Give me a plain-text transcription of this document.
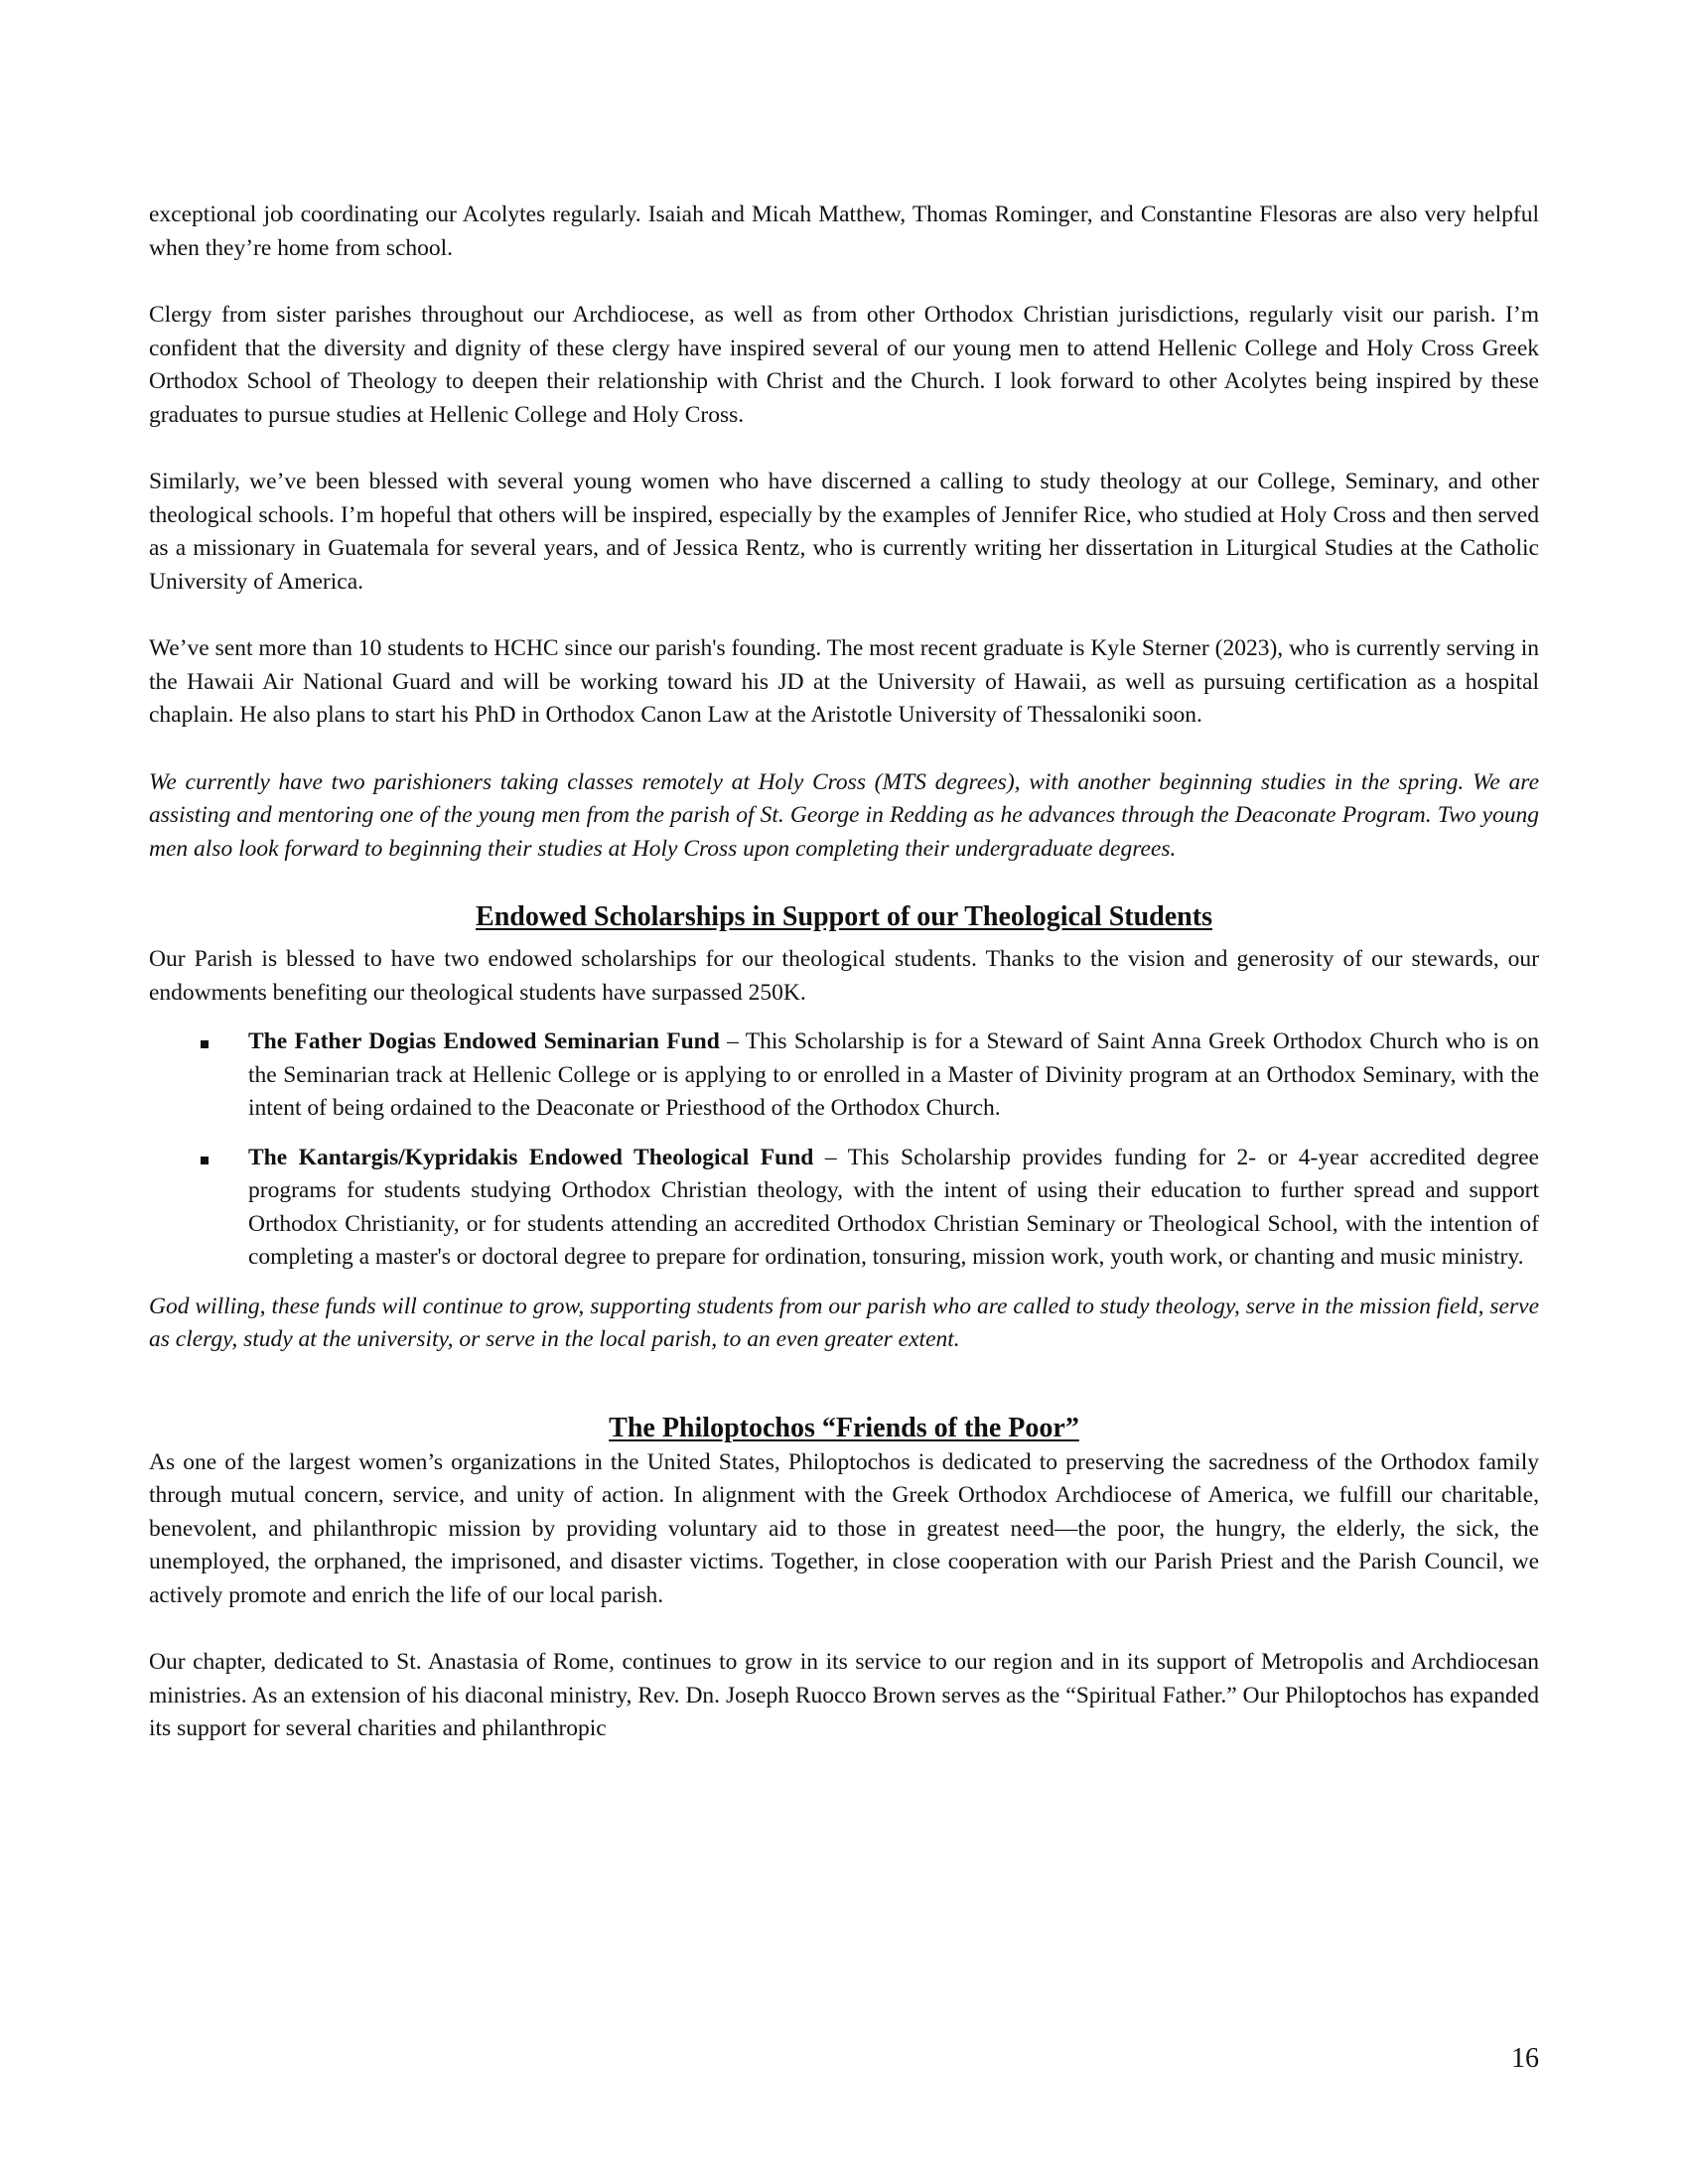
exceptional job coordinating our Acolytes regularly. Isaiah and Micah Matthew, Thomas Rominger, and Constantine Flesoras are also very helpful when they’re home from school.

Clergy from sister parishes throughout our Archdiocese, as well as from other Orthodox Christian jurisdictions, regularly visit our parish. I’m confident that the diversity and dignity of these clergy have inspired several of our young men to attend Hellenic College and Holy Cross Greek Orthodox School of Theology to deepen their relationship with Christ and the Church. I look forward to other Acolytes being inspired by these graduates to pursue studies at Hellenic College and Holy Cross.

Similarly, we’ve been blessed with several young women who have discerned a calling to study theology at our College, Seminary, and other theological schools. I’m hopeful that others will be inspired, especially by the examples of Jennifer Rice, who studied at Holy Cross and then served as a missionary in Guatemala for several years, and of Jessica Rentz, who is currently writing her dissertation in Liturgical Studies at the Catholic University of America.

We’ve sent more than 10 students to HCHC since our parish's founding. The most recent graduate is Kyle Sterner (2023), who is currently serving in the Hawaii Air National Guard and will be working toward his JD at the University of Hawaii, as well as pursuing certification as a hospital chaplain. He also plans to start his PhD in Orthodox Canon Law at the Aristotle University of Thessaloniki soon.

We currently have two parishioners taking classes remotely at Holy Cross (MTS degrees), with another beginning studies in the spring. We are assisting and mentoring one of the young men from the parish of St. George in Redding as he advances through the Deaconate Program. Two young men also look forward to beginning their studies at Holy Cross upon completing their undergraduate degrees.

Endowed Scholarships in Support of our Theological Students

Our Parish is blessed to have two endowed scholarships for our theological students. Thanks to the vision and generosity of our stewards, our endowments benefiting our theological students have surpassed 250K.

The Father Dogias Endowed Seminarian Fund – This Scholarship is for a Steward of Saint Anna Greek Orthodox Church who is on the Seminarian track at Hellenic College or is applying to or enrolled in a Master of Divinity program at an Orthodox Seminary, with the intent of being ordained to the Deaconate or Priesthood of the Orthodox Church.
The Kantargis/Kypridakis Endowed Theological Fund – This Scholarship provides funding for 2- or 4-year accredited degree programs for students studying Orthodox Christian theology, with the intent of using their education to further spread and support Orthodox Christianity, or for students attending an accredited Orthodox Christian Seminary or Theological School, with the intention of completing a master's or doctoral degree to prepare for ordination, tonsuring, mission work, youth work, or chanting and music ministry.

God willing, these funds will continue to grow, supporting students from our parish who are called to study theology, serve in the mission field, serve as clergy, study at the university, or serve in the local parish, to an even greater extent.

The Philoptochos “Friends of the Poor”

As one of the largest women’s organizations in the United States, Philoptochos is dedicated to preserving the sacredness of the Orthodox family through mutual concern, service, and unity of action. In alignment with the Greek Orthodox Archdiocese of America, we fulfill our charitable, benevolent, and philanthropic mission by providing voluntary aid to those in greatest need—the poor, the hungry, the elderly, the sick, the unemployed, the orphaned, the imprisoned, and disaster victims. Together, in close cooperation with our Parish Priest and the Parish Council, we actively promote and enrich the life of our local parish.

Our chapter, dedicated to St. Anastasia of Rome, continues to grow in its service to our region and in its support of Metropolis and Archdiocesan ministries. As an extension of his diaconal ministry, Rev. Dn. Joseph Ruocco Brown serves as the “Spiritual Father.” Our Philoptochos has expanded its support for several charities and philanthropic

16
